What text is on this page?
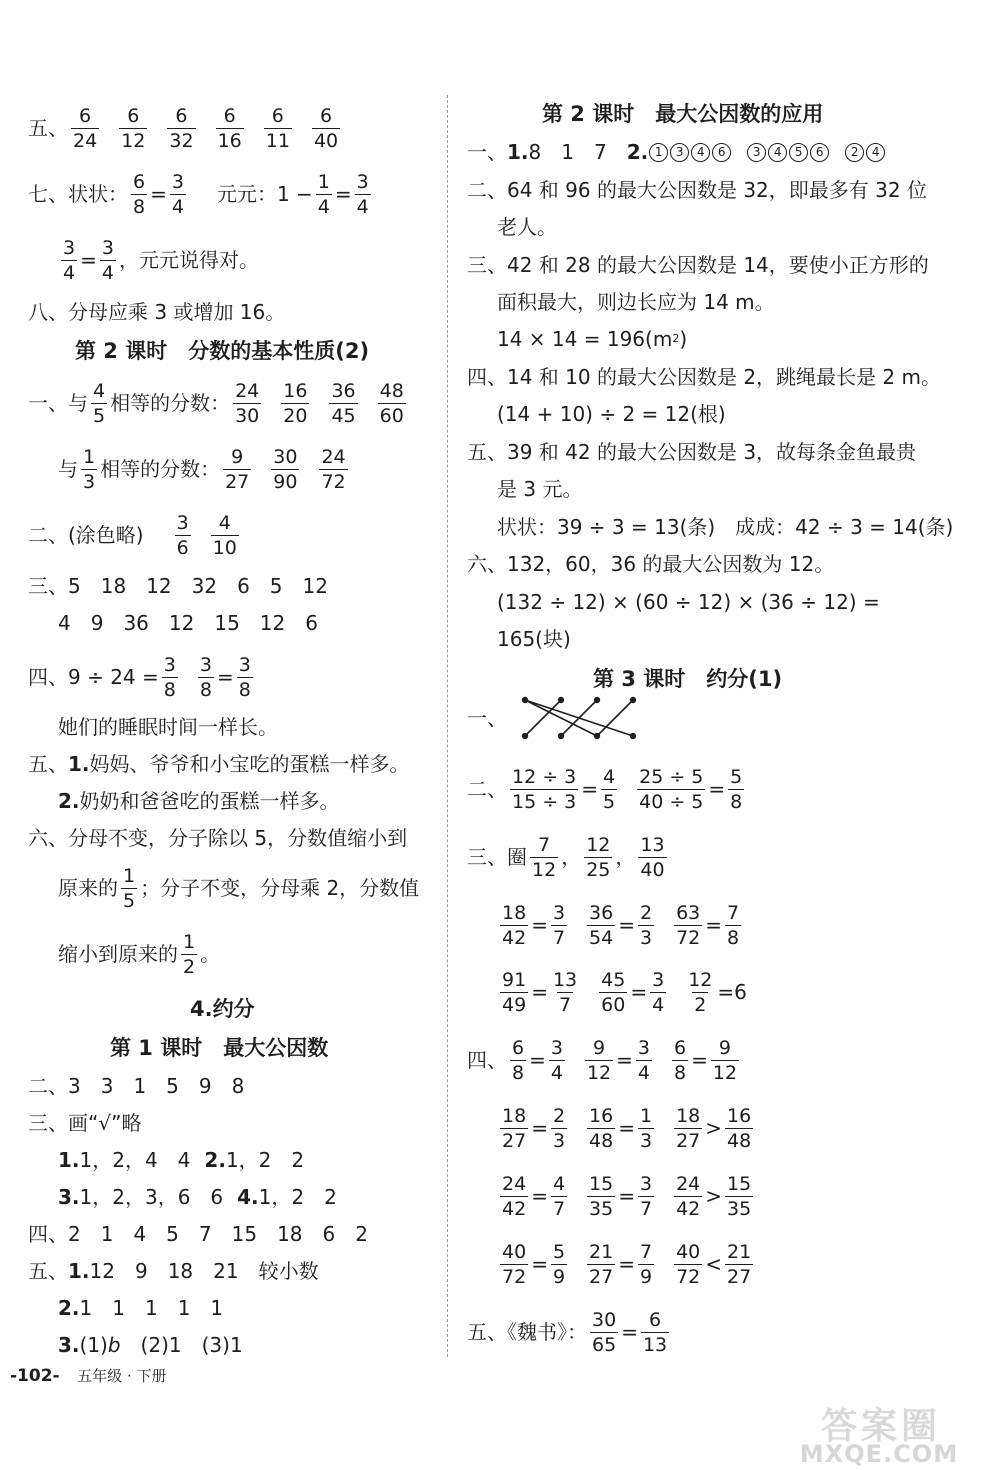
五、 $\frac{6}{24} \frac{6}{12} \frac{6}{32} \frac{6}{16} \frac{6}{11} \frac{6}{40}$
七、 状状： $\frac{6}{8} = \frac{3}{4}$ 元元：$1 - \frac{1}{4} = \frac{3}{4}$
$\frac{3}{4} = \frac{3}{4}$ ，元元说得对。
八、分母应乘 3 或增加 16。
第 2 课时　分数的基本性质(2)
一、 与 $\frac{4}{5}$ 相等的分数： $\frac{24}{30} \frac{16}{20} \frac{36}{45} \frac{48}{60}$
与 $\frac{1}{3}$ 相等的分数： $\frac{9}{27} \frac{30}{90} \frac{24}{72}$
二、(涂色略) $\frac{3}{6} \frac{4}{10}$
三、 5　18　12　32　6　5　12
4　9　36　12　15　12　6
四、$9 \div 24 = \frac{3}{8} \frac{3}{8} = \frac{3}{8}$
她们的睡眠时间一样长。
五、 1. 妈妈、爷爷和小宝吃的蛋糕一样多。
2. 奶奶和爸爸吃的蛋糕一样多。
六、分母不变，分子除以 5，分数值缩小到
原来的 $\frac{1}{5}$ ；分子不变，分母乘 2，分数值
缩小到原来的 $\frac{1}{2}$ 。
4.约分
第 1 课时　最大公因数
二、3　3　1　5　9　8
三、画“√”略
1. 1，2，4　4 2. 1，2　2
3. 1，2，3，6　6 4. 1，2　2
四、2　1　4　5　7　15　18　6　2
五、 1. 12　9　18　21　较小数
2. 1　1　1　1　1
3. (1) b 　(2)1　(3)1
第 2 课时　最大公因数的应用
一、 1. 8　1　7　 2. 1	3	4	6	3	4	5	6	2	4
二、64 和 96 的最大公因数是 32，即最多有 32 位
老人。
三、42 和 28 的最大公因数是 14，要使小正方形的
面积最大，则边长应为 14 m。
14 × 14 = 196(m 2 )
四、14 和 10 的最大公因数是 2，跳绳最长是 2 m。
(14 + 10) ÷ 2 = 12(根)
五、39 和 42 的最大公因数是 3，故每条金鱼最贵
是 3 元。
状状：39 ÷ 3 = 13(条)　成成：42 ÷ 3 = 14(条)
六、132，60，36 的最大公因数为 12。
(132 ÷ 12) × (60 ÷ 12) × (36 ÷ 12) =
165(块)
第 3 课时　约分(1)
一、
二、 $\frac{12 \div 3}{15 \div 3} = \frac{4}{5} \frac{25 \div 5}{40 \div 5} = \frac{5}{8}$
三、圈 $\frac{7}{12}$ ， $\frac{12}{25}$ ， $\frac{13}{40}$
$\frac{18}{42} = \frac{3}{7} \frac{36}{54} = \frac{2}{3} \frac{63}{72} = \frac{7}{8}$
$\frac{91}{49} = \frac{13}{7} \frac{45}{60} = \frac{3}{4} \frac{12}{2} = 6$
四、 $\frac{6}{8} = \frac{3}{4} \frac{9}{12} = \frac{3}{4} \frac{6}{8} = \frac{9}{12}$
$\frac{18}{27} = \frac{2}{3} \frac{16}{48} = \frac{1}{3} \frac{18}{27} > \frac{16}{48}$
$\frac{24}{42} = \frac{4}{7} \frac{15}{35} = \frac{3}{7} \frac{24}{42} > \frac{15}{35}$
$\frac{40}{72} = \frac{5}{9} \frac{21}{27} = \frac{7}{9} \frac{40}{72} < \frac{21}{27}$
五、《魏书》： $\frac{30}{65} = \frac{6}{13}$
-102- 五年级 · 下册
答 案 圈
MXQE.COM
